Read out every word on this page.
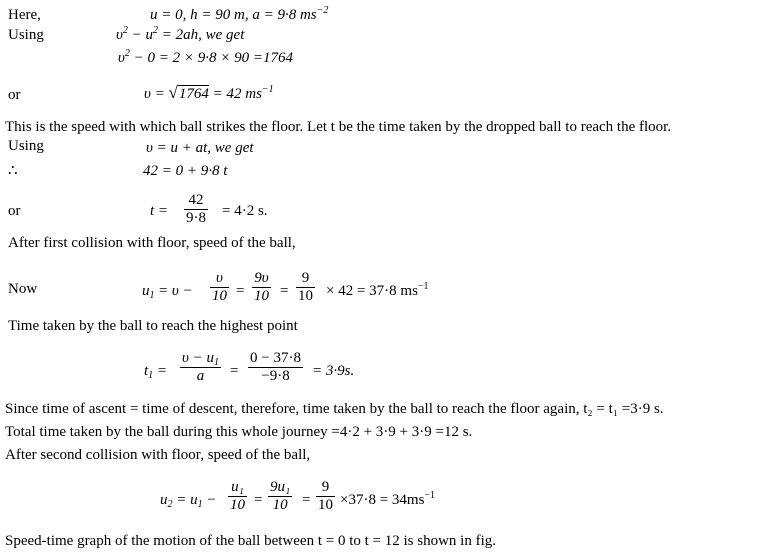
Here,	u = 0, h = 90 m, a = 9·8 $ms^{-2}$
Using	$\upsilon^2 - u^2 = 2ah$, we get
$\upsilon^2 - 0 = 2 \times 9\cdot 8 \times 90 =1764$
or	υ = √1764 = 42 $ms^{-1}$
This is the speed with which ball strikes the floor. Let t be the time taken by the dropped ball to reach the floor.
Using	υ = u + at, we get
∴	42 = 0 + 9·8 t
or	$t = \frac{42}{9\cdot 8} = 4\cdot 2$ s.
After first collision with floor, speed of the ball,
Now	$u_1 = \upsilon - \frac{\upsilon}{10} = \frac{9\upsilon}{10} = \frac{9}{10} \times 42 = 37\cdot 8$ $ms^{-1}$
Time taken by the ball to reach the highest point
$t_1 = \frac{\upsilon - u_1}{a} = \frac{0 - 37\cdot 8}{-9\cdot 8} = 3\cdot 9s$.
Since time of ascent = time of descent, therefore, time taken by the ball to reach the floor again, t₂ = t₁ =3·9 s.
Total time taken by the ball during this whole journey =4·2 + 3·9 + 3·9 =12 s.
After second collision with floor, speed of the ball,
$u_2 = u_1 - \frac{\text{u₁}}{10} = \frac{\text{9u₁}}{10} = \frac{9}{10} \times 37\cdot 8 = 34ms^{-1}$
Speed-time graph of the motion of the ball between t = 0 to t = 12 is shown in fig.
